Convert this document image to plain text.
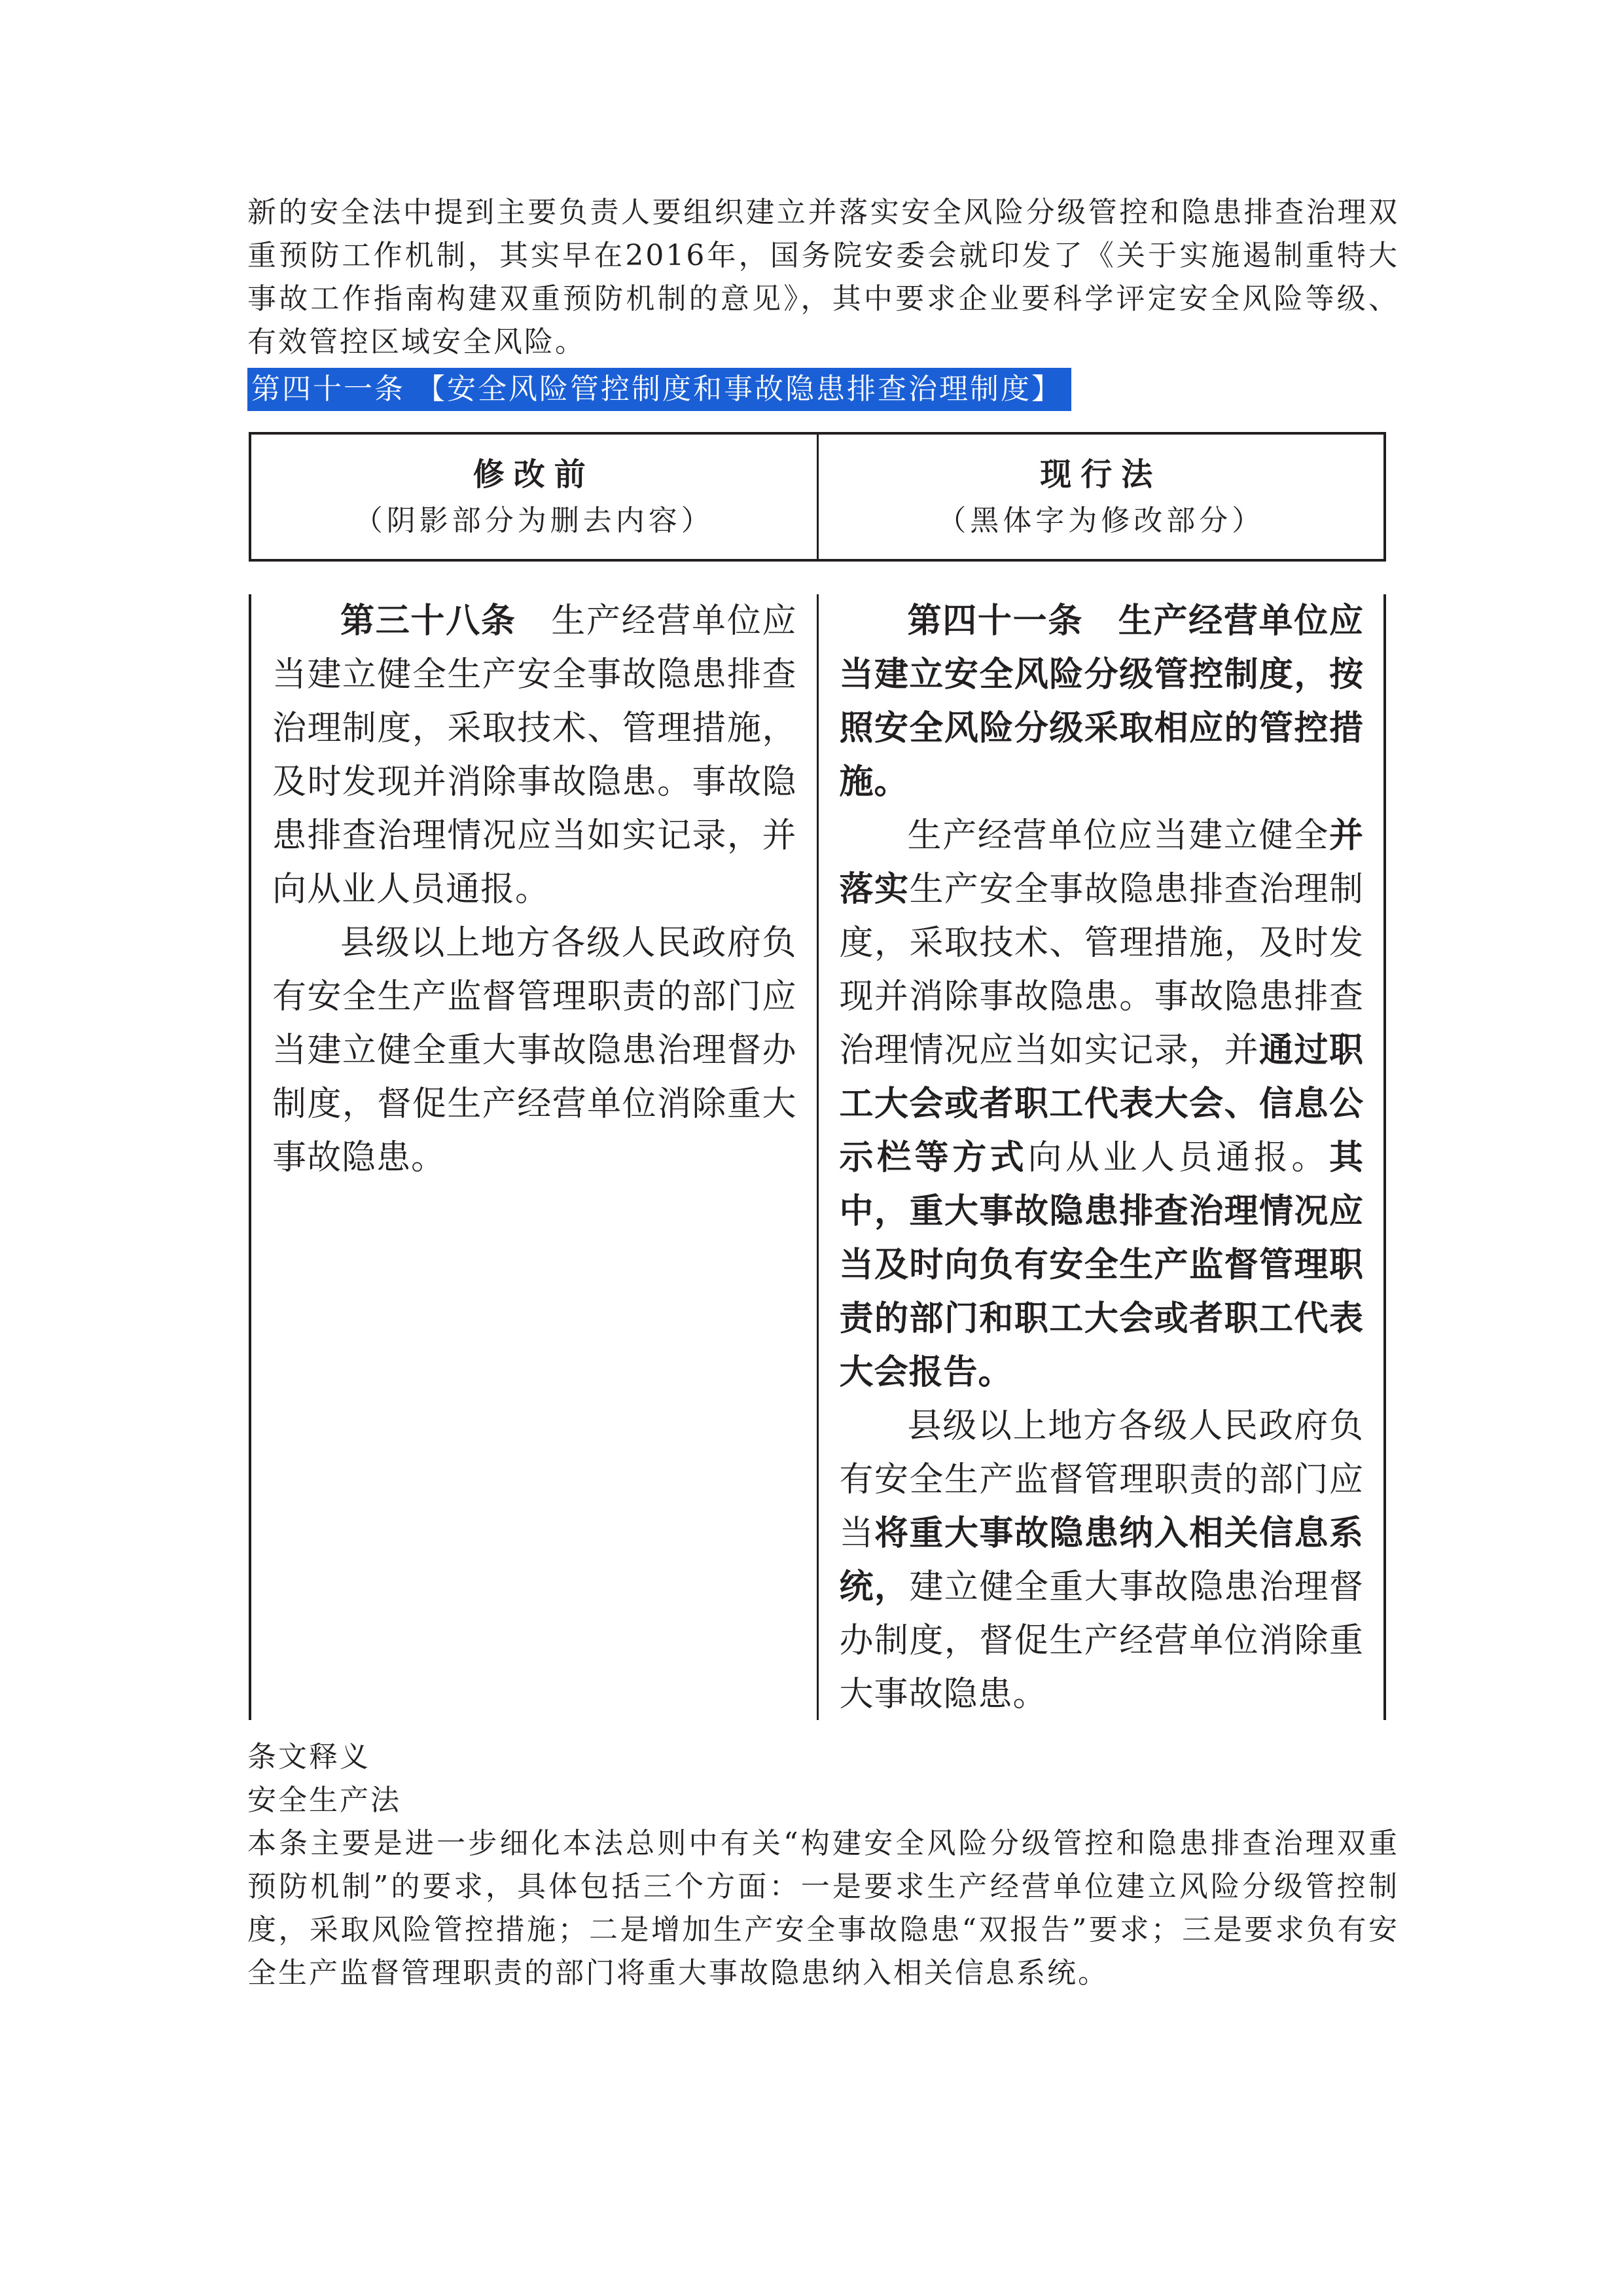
新的安全法中提到主要负责人要组织建立并落实安全风险分级管控和隐患排查治理双重预防工作机制，其实早在2016年，国务院安委会就印发了《关于实施遏制重特大事故工作指南构建双重预防机制的意见》，其中要求企业要科学评定安全风险等级、有效管控区域安全风险。

第四十一条 【安全风险管控制度和事故隐患排查治理制度】
修改前
（阴影部分为删去内容）
现行法
（黑体字为修改部分）

第三十八条　生产经营单位应当建立健全生产安全事故隐患排查治理制度，采取技术、管理措施，及时发现并消除事故隐患。事故隐患排查治理情况应当如实记录，并向从业人员通报。

县级以上地方各级人民政府负有安全生产监督管理职责的部门应当建立健全重大事故隐患治理督办制度，督促生产经营单位消除重大事故隐患。

第四十一条　生产经营单位应当建立安全风险分级管控制度，按照安全风险分级采取相应的管控措施。

生产经营单位应当建立健全并落实生产安全事故隐患排查治理制度，采取技术、管理措施，及时发现并消除事故隐患。事故隐患排查治理情况应当如实记录，并通过职工大会或者职工代表大会、信息公示栏等方式向从业人员通报。其中，重大事故隐患排查治理情况应当及时向负有安全生产监督管理职责的部门和职工大会或者职工代表大会报告。

县级以上地方各级人民政府负有安全生产监督管理职责的部门应当将重大事故隐患纳入相关信息系统，建立健全重大事故隐患治理督办制度，督促生产经营单位消除重大事故隐患。

条文释义
安全生产法
本条主要是进一步细化本法总则中有关“构建安全风险分级管控和隐患排查治理双重预防机制”的要求，具体包括三个方面：一是要求生产经营单位建立风险分级管控制度，采取风险管控措施；二是增加生产安全事故隐患“双报告”要求；三是要求负有安全生产监督管理职责的部门将重大事故隐患纳入相关信息系统。
